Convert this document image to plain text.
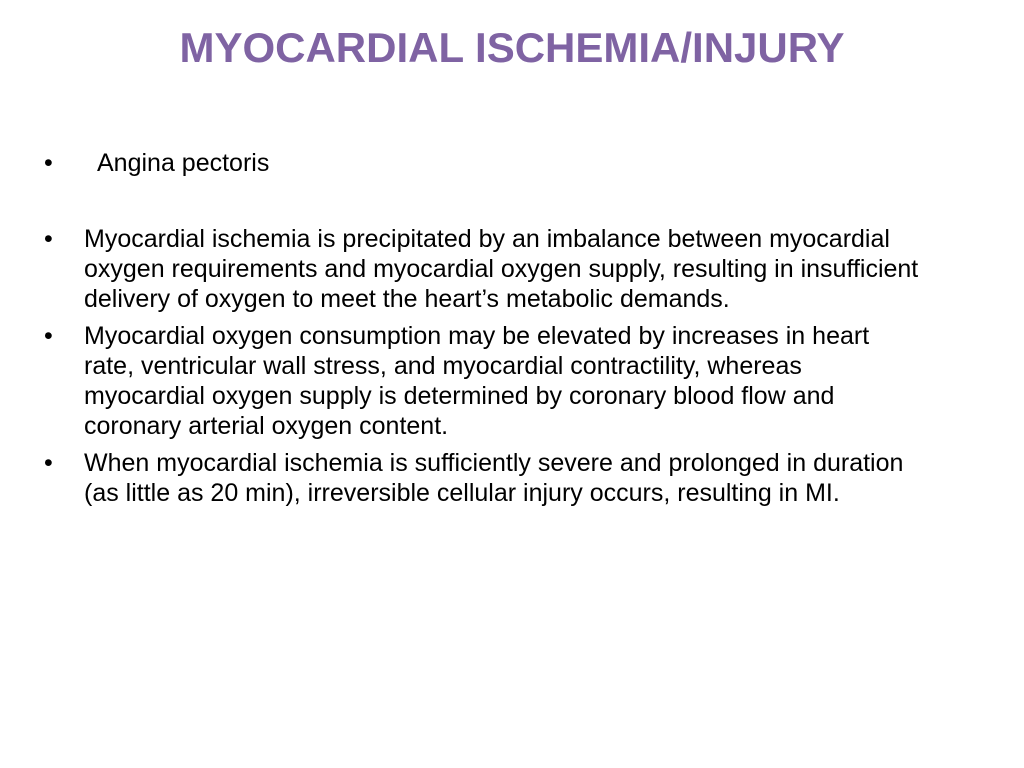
MYOCARDIAL ISCHEMIA/INJURY
•	Angina pectoris
•	Myocardial ischemia is precipitated by an imbalance between myocardial oxygen requirements and myocardial oxygen supply, resulting in insufficient delivery of oxygen to meet the heart’s metabolic demands.
•	Myocardial oxygen consumption may be elevated by increases in heart rate, ventricular wall stress, and myocardial contractility, whereas myocardial oxygen supply is determined by coronary blood flow and coronary arterial oxygen content.
•	When myocardial ischemia is sufficiently severe and prolonged in duration (as little as 20 min), irreversible cellular injury occurs, resulting in MI.
